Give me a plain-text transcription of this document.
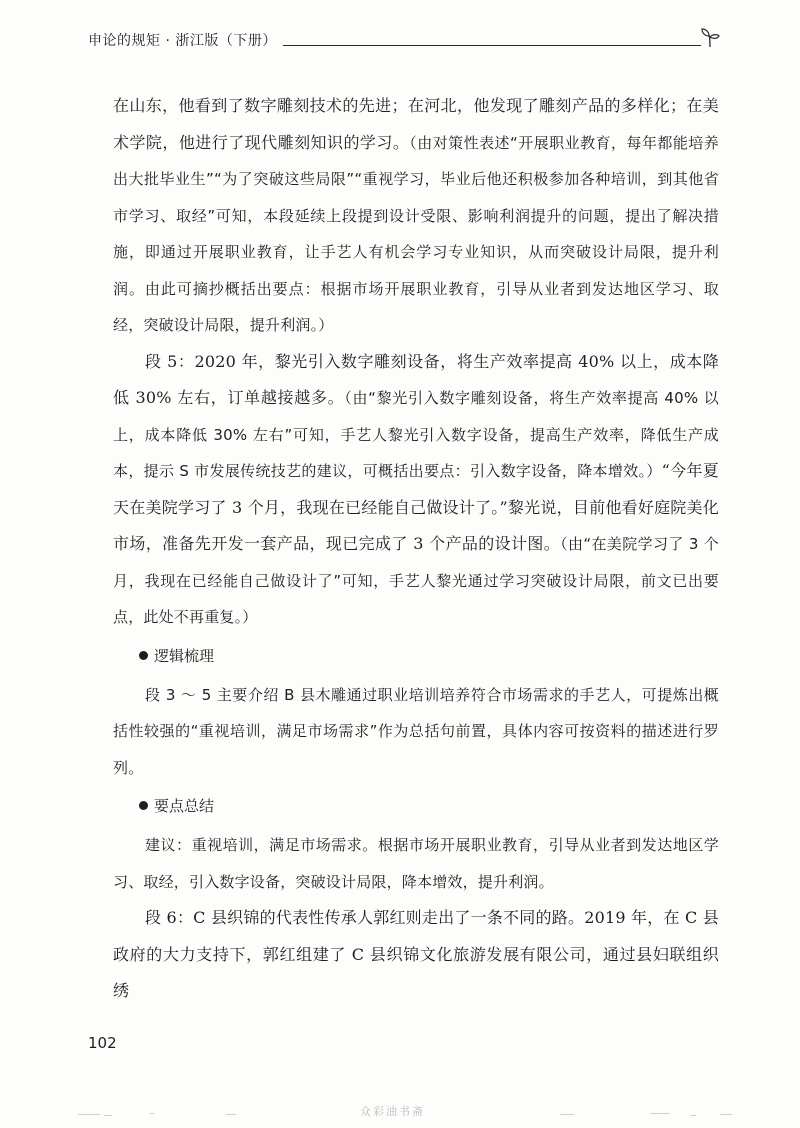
申论的规矩 · 浙江版（下册）

在山东，他看到了数字雕刻技术的先进；在河北，他发现了雕刻产品的多样化；在美术学院，他进行了现代雕刻知识的学习。（由对策性表述“开展职业教育，每年都能培养出大批毕业生”“为了突破这些局限”“重视学习，毕业后他还积极参加各种培训，到其他省市学习、取经”可知，本段延续上段提到设计受限、影响利润提升的问题，提出了解决措施，即通过开展职业教育，让手艺人有机会学习专业知识，从而突破设计局限，提升利润。由此可摘抄概括出要点：根据市场开展职业教育，引导从业者到发达地区学习、取经，突破设计局限，提升利润。）

段 5：2020 年，黎光引入数字雕刻设备，将生产效率提高 40% 以上，成本降低 30% 左右，订单越接越多。（由“黎光引入数字雕刻设备，将生产效率提高 40% 以上，成本降低 30% 左右”可知，手艺人黎光引入数字设备，提高生产效率，降低生产成本，提示 S 市发展传统技艺的建议，可概括出要点：引入数字设备，降本增效。）“今年夏天在美院学习了 3 个月，我现在已经能自己做设计了。”黎光说，目前他看好庭院美化市场，准备先开发一套产品，现已完成了 3 个产品的设计图。（由“在美院学习了 3 个月，我现在已经能自己做设计了”可知，手艺人黎光通过学习突破设计局限，前文已出要点，此处不再重复。）

逻辑梳理

段 3 ～ 5 主要介绍 B 县木雕通过职业培训培养符合市场需求的手艺人，可提炼出概括性较强的“重视培训，满足市场需求”作为总括句前置，具体内容可按资料的描述进行罗列。

要点总结

建议：重视培训，满足市场需求。根据市场开展职业教育，引导从业者到发达地区学习、取经，引入数字设备，突破设计局限，降本增效，提升利润。

段 6：C 县织锦的代表性传承人郭红则走出了一条不同的路。2019 年，在 C 县政府的大力支持下，郭红组建了 C 县织锦文化旅游发展有限公司，通过县妇联组织绣

102
众彩油书斋
